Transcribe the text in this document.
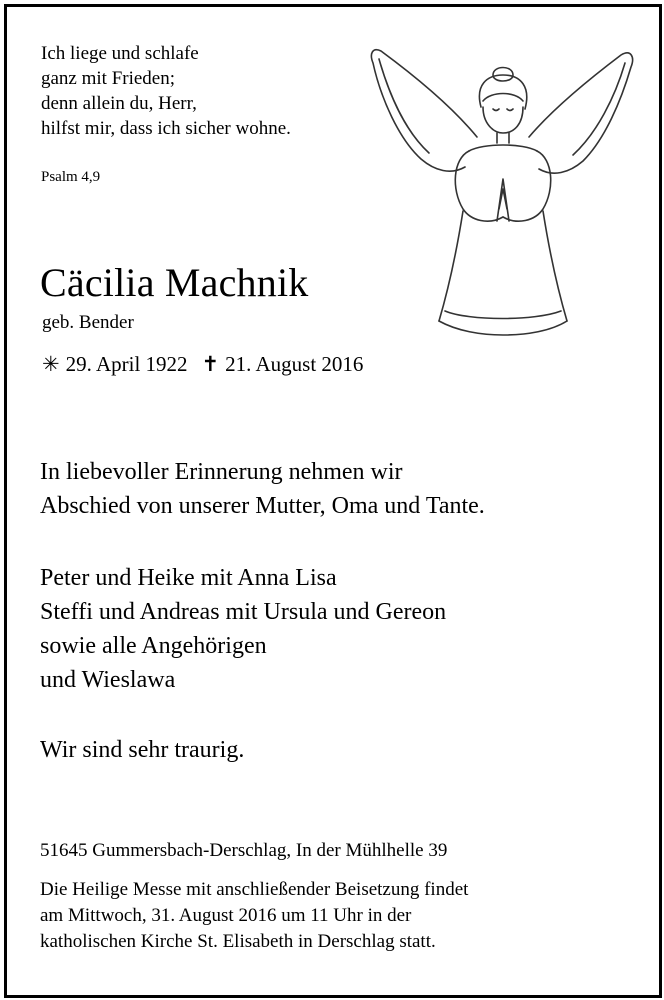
Ich liege und schlafe
ganz mit Frieden;
denn allein du, Herr,
hilfst mir, dass ich sicher wohne.
Psalm 4,9
Cäcilia Machnik
geb. Bender
✳ 29. April 1922 ✝ 21. August 2016
In liebevoller Erinnerung nehmen wir
Abschied von unserer Mutter, Oma und Tante.
Peter und Heike mit Anna Lisa
Steffi und Andreas mit Ursula und Gereon
sowie alle Angehörigen
und Wieslawa
Wir sind sehr traurig.
51645 Gummersbach-Derschlag, In der Mühlhelle 39
Die Heilige Messe mit anschließender Beisetzung findet
am Mittwoch, 31. August 2016 um 11 Uhr in der
katholischen Kirche St. Elisabeth in Derschlag statt.
